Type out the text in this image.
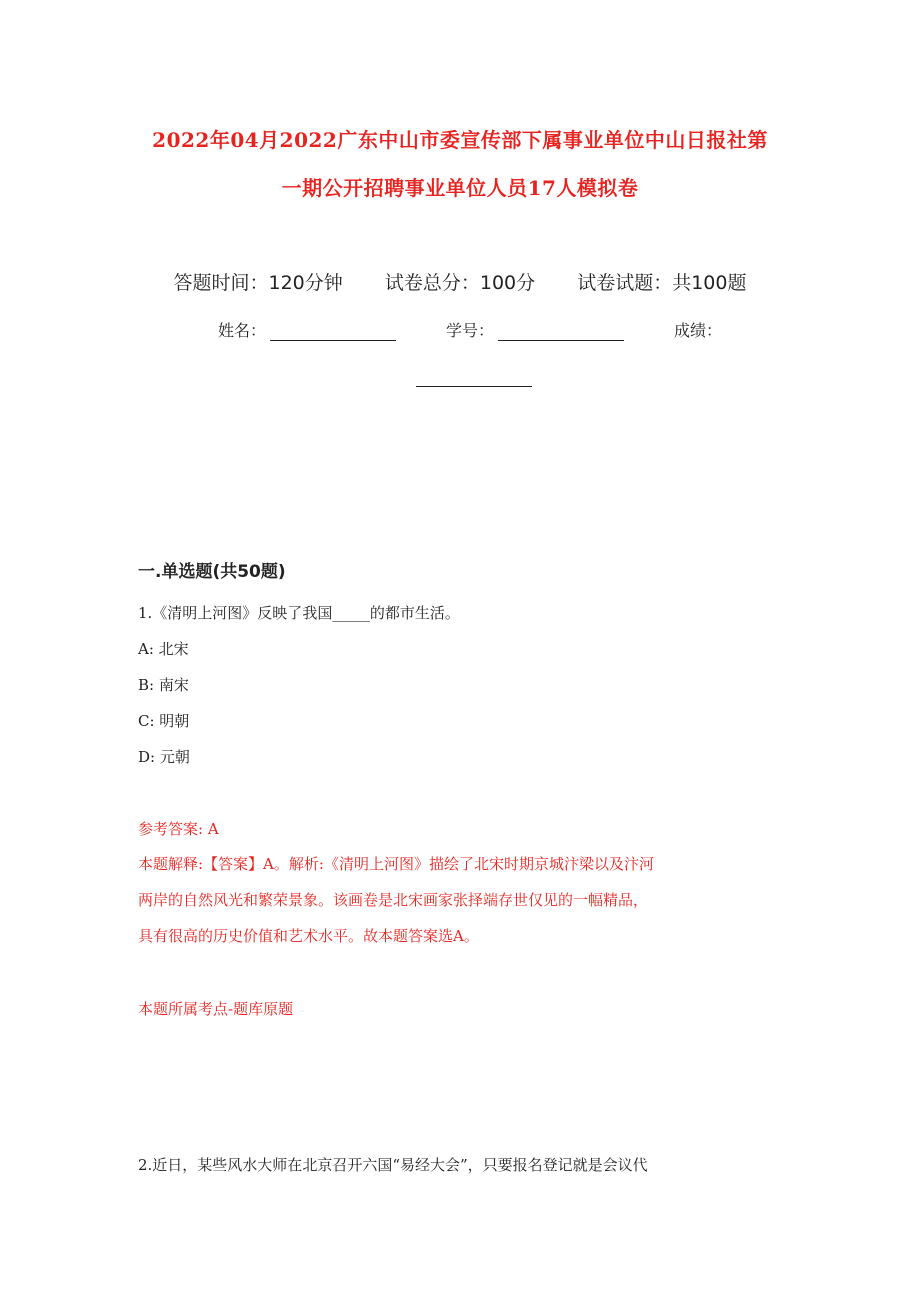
2022年04月2022广东中山市委宣传部下属事业单位中山日报社第
一期公开招聘事业单位人员17人模拟卷
答题时间：120分钟 试卷总分：100分 试卷试题：共100题
姓名：	学号：	成绩：
一.单选题(共50题)
1.《清明上河图》反映了我国_____的都市生活。
A: 北宋
B: 南宋
C: 明朝
D: 元朝
参考答案: A
本题解释:【答案】A。解析:《清明上河图》描绘了北宋时期京城汴梁以及汴河
两岸的自然风光和繁荣景象。该画卷是北宋画家张择端存世仅见的一幅精品，
具有很高的历史价值和艺术水平。故本题答案选A。
本题所属考点-题库原题
2.近日，某些风水大师在北京召开六国“易经大会”，只要报名登记就是会议代
